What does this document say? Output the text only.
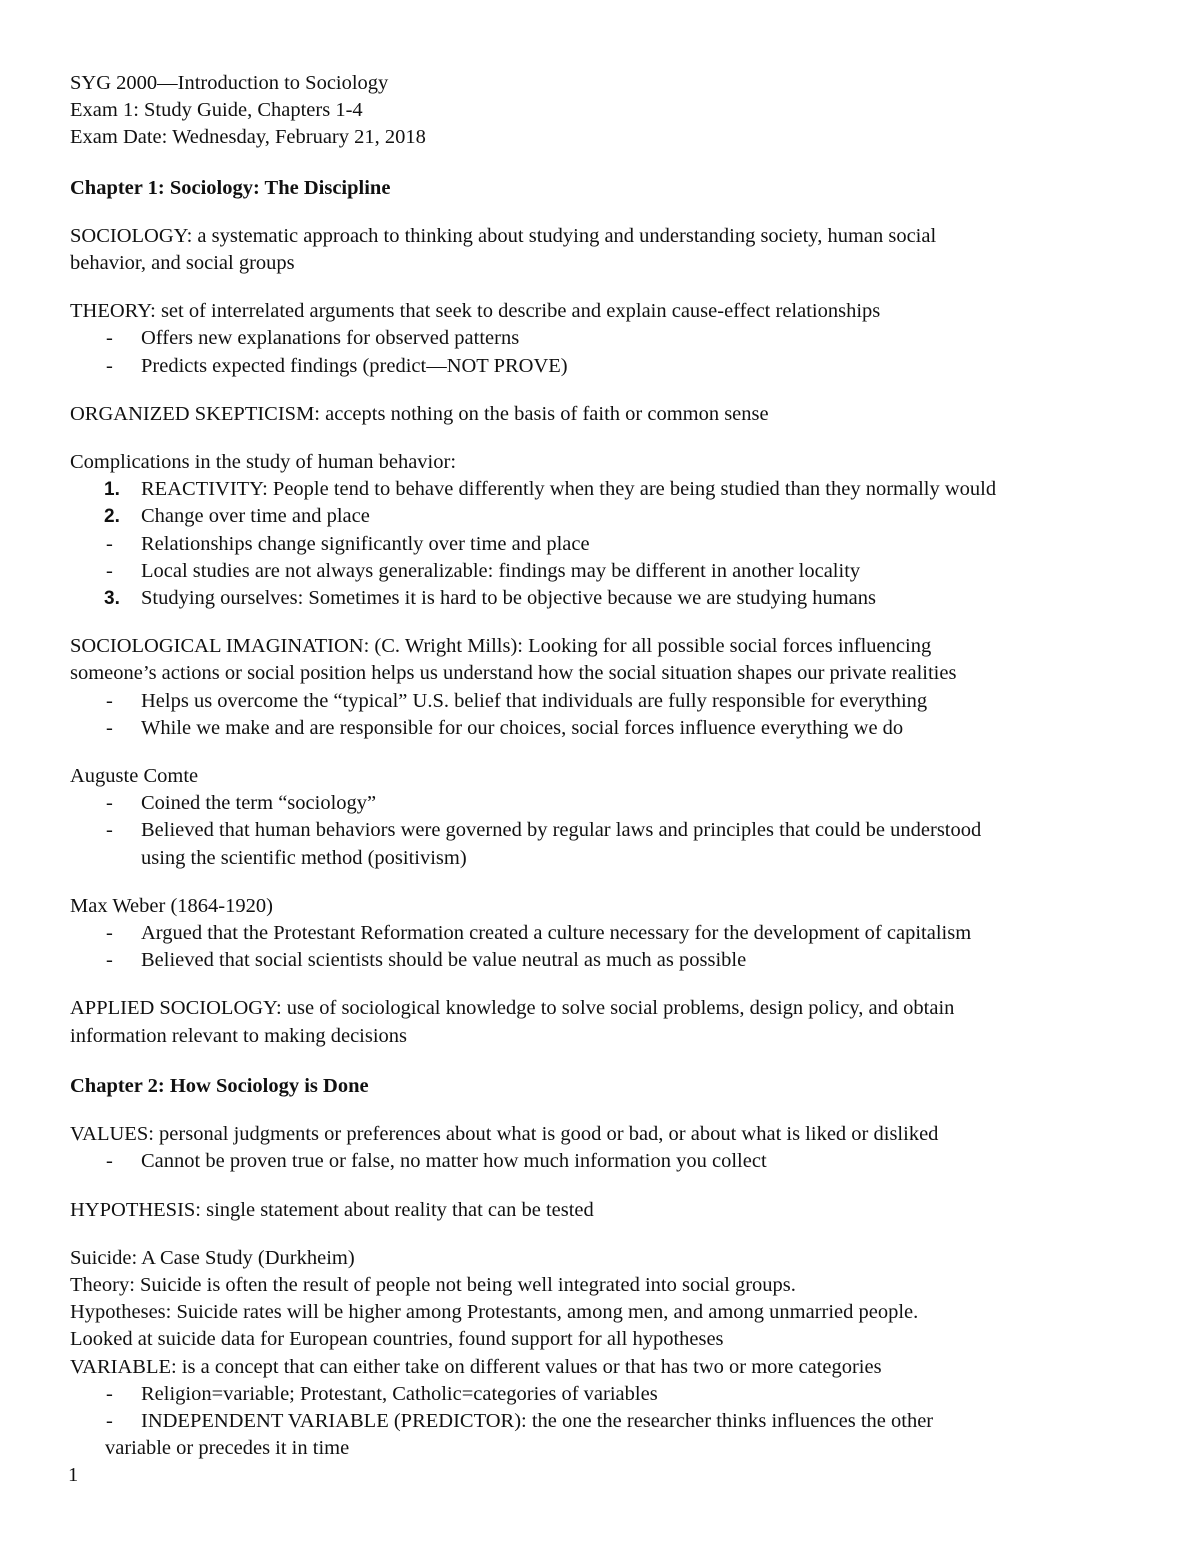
SYG 2000—Introduction to Sociology
Exam 1: Study Guide, Chapters 1-4
Exam Date: Wednesday, February 21, 2018
Chapter 1: Sociology: The Discipline
SOCIOLOGY: a systematic approach to thinking about studying and understanding society, human social
behavior, and social groups
THEORY: set of interrelated arguments that seek to describe and explain cause-effect relationships
- Offers new explanations for observed patterns
- Predicts expected findings (predict—NOT PROVE)
ORGANIZED SKEPTICISM: accepts nothing on the basis of faith or common sense
Complications in the study of human behavior:
1. REACTIVITY: People tend to behave differently when they are being studied than they normally would
2. Change over time and place
- Relationships change significantly over time and place
- Local studies are not always generalizable: findings may be different in another locality
3. Studying ourselves: Sometimes it is hard to be objective because we are studying humans
SOCIOLOGICAL IMAGINATION: (C. Wright Mills): Looking for all possible social forces influencing
someone’s actions or social position helps us understand how the social situation shapes our private realities
- Helps us overcome the “typical” U.S. belief that individuals are fully responsible for everything
- While we make and are responsible for our choices, social forces influence everything we do
Auguste Comte
- Coined the term “sociology”
- Believed that human behaviors were governed by regular laws and principles that could be understood
using the scientific method (positivism)
Max Weber (1864-1920)
- Argued that the Protestant Reformation created a culture necessary for the development of capitalism
- Believed that social scientists should be value neutral as much as possible
APPLIED SOCIOLOGY: use of sociological knowledge to solve social problems, design policy, and obtain
information relevant to making decisions
Chapter 2: How Sociology is Done
VALUES: personal judgments or preferences about what is good or bad, or about what is liked or disliked
- Cannot be proven true or false, no matter how much information you collect
HYPOTHESIS: single statement about reality that can be tested
Suicide: A Case Study (Durkheim)
Theory: Suicide is often the result of people not being well integrated into social groups.
Hypotheses: Suicide rates will be higher among Protestants, among men, and among unmarried people.
Looked at suicide data for European countries, found support for all hypotheses
VARIABLE: is a concept that can either take on different values or that has two or more categories
- Religion=variable; Protestant, Catholic=categories of variables
- INDEPENDENT VARIABLE (PREDICTOR): the one the researcher thinks influences the other
variable or precedes it in time
1
